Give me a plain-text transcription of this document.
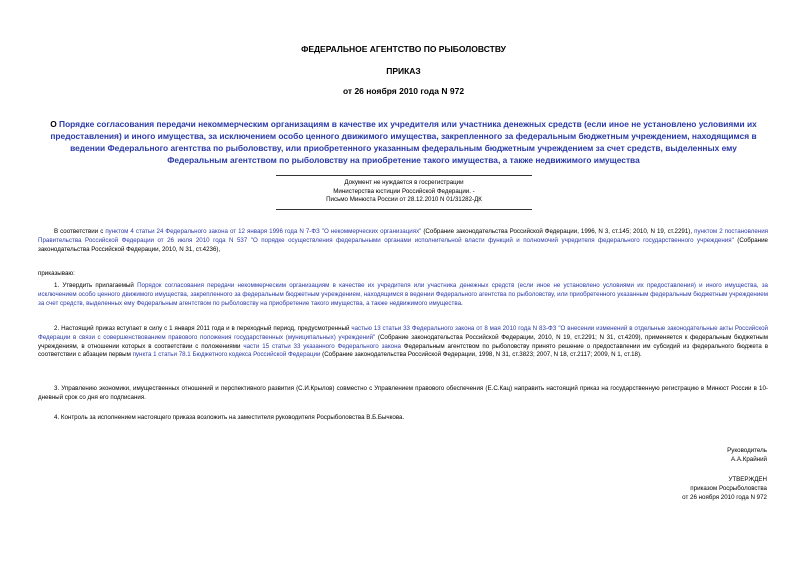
ФЕДЕРАЛЬНОЕ АГЕНТСТВО ПО РЫБОЛОВСТВУ
ПРИКАЗ
от 26 ноября 2010 года N 972
О Порядке согласования передачи некоммерческим организациям в качестве их учредителя или участника денежных средств (если иное не установлено условиями их предоставления) и иного имущества, за исключением особо ценного движимого имущества, закрепленного за федеральным бюджетным учреждением, находящимся в ведении Федерального агентства по рыболовству, или приобретенного указанным федеральным бюджетным учреждением за счет средств, выделенных ему Федеральным агентством по рыболовству на приобретение такого имущества, а также недвижимого имущества
Документ не нуждается в госрегистрации
Министерства юстиции Российской Федерации. -
Письмо Минюста России от 28.12.2010 N 01/31282-ДК
В соответствии с пунктом 4 статьи 24 Федерального закона от 12 января 1996 года N 7-ФЗ "О некоммерческих организациях" (Собрание законодательства Российской Федерации, 1996, N 3, ст.145; 2010, N 19, ст.2291), пунктом 2 постановления Правительства Российской Федерации от 26 июля 2010 года N 537 "О порядке осуществления федеральными органами исполнительной власти функций и полномочий учредителя федерального государственного учреждения" (Собрание законодательства Российской Федерации, 2010, N 31, ст.4236),
приказываю:
1. Утвердить прилагаемый Порядок согласования передачи некоммерческим организациям в качестве их учредителя или участника денежных средств (если иное не установлено условиями их предоставления) и иного имущества, за исключением особо ценного движимого имущества, закрепленного за федеральным бюджетным учреждением, находящимся в ведении Федерального агентства по рыболовству, или приобретенного указанным федеральным бюджетным учреждением за счет средств, выделенных ему Федеральным агентством по рыболовству на приобретение такого имущества, а также недвижимого имущества.
2. Настоящий приказ вступает в силу с 1 января 2011 года и в переходный период, предусмотренный частью 13 статьи 33 Федерального закона от 8 мая 2010 года N 83-ФЗ "О внесении изменений в отдельные законодательные акты Российской Федерации в связи с совершенствованием правового положения государственных (муниципальных) учреждений" (Собрание законодательства Российской Федерации, 2010, N 19, ст.2291; N 31, ст.4209), применяется к федеральным бюджетным учреждениям, в отношении которых в соответствии с положениями части 15 статьи 33 указанного Федерального закона Федеральным агентством по рыболовству принято решение о предоставлении им субсидий из федерального бюджета в соответствии с абзацем первым пункта 1 статьи 78.1 Бюджетного кодекса Российской Федерации (Собрание законодательства Российской Федерации, 1998, N 31, ст.3823; 2007, N 18, ст.2117; 2009, N 1, ст.18).
3. Управлению экономики, имущественных отношений и перспективного развития (С.И.Крылов) совместно с Управлением правового обеспечения (Е.С.Кац) направить настоящий приказ на государственную регистрацию в Минюст России в 10-дневный срок со дня его подписания.
4. Контроль за исполнением настоящего приказа возложить на заместителя руководителя Росрыболовства В.Б.Бычкова.
Руководитель
А.А.Крайний
УТВЕРЖДЕН
приказом Росрыболовства
от 26 ноября 2010 года N 972
